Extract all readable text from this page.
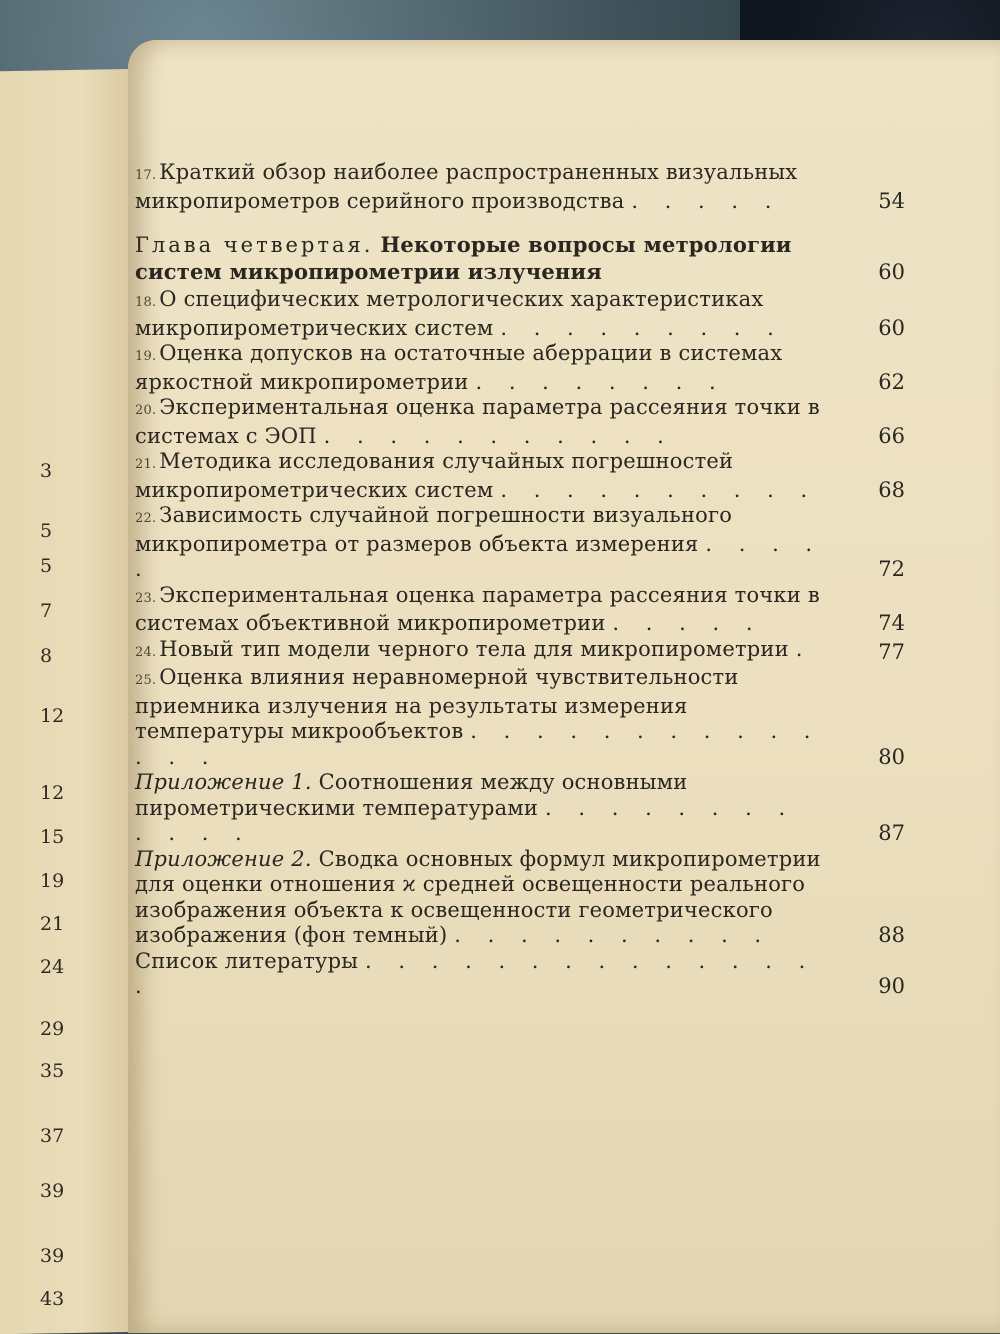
3
5
5
7
8
12
12
15
19
21
24
29
35
37
39
39
43
17. Краткий обзор наиболее распространенных визуальных микропирометров серийного производства . . . . .	54
Глава четвертая. Некоторые вопросы метрологии систем микропирометрии излучения	60
18. О специфических метрологических характеристиках микропирометрических систем . . . . . . . . .	60
19. Оценка допусков на остаточные аберрации в системах яркостной микропирометрии . . . . . . . .	62
20. Экспериментальная оценка параметра рассеяния точки в системах с ЭОП . . . . . . . . . . .	66
21. Методика исследования случайных погрешностей микропирометрических систем . . . . . . . . . .	68
22. Зависимость случайной погрешности визуального микропирометра от размеров объекта измерения . . . . .	72
23. Экспериментальная оценка параметра рассеяния точки в системах объективной микропирометрии . . . . .	74
24. Новый тип модели черного тела для микропирометрии .	77
25. Оценка влияния неравномерной чувствительности приемника излучения на результаты измерения температуры микрообъектов . . . . . . . . . . . . . .	80
Приложение 1. Соотношения между основными пирометрическими температурами . . . . . . . . . . . .	87
Приложение 2. Сводка основных формул микропирометрии для оценки отношения ϰ средней освещенности реального изображения объекта к освещенности геометрического изображения (фон темный) . . . . . . . . . .	88
Список литературы . . . . . . . . . . . . . . .	90
